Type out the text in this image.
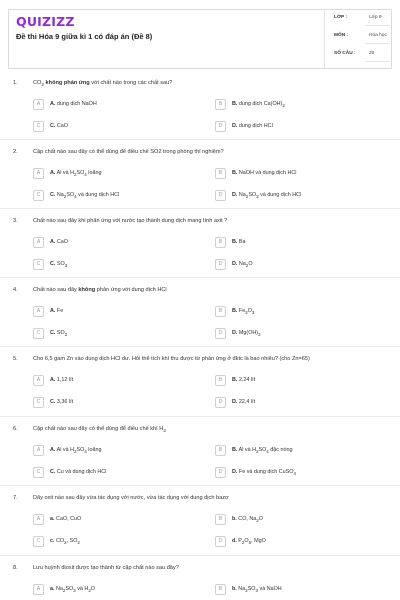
QUIZIZZ
Đề thi Hóa 9 giữa kì 1 có đáp án (Đề 8)
LỚP :	Lớp 9
MÔN :	Hóa học
SỐ CÂU :	20
1.	$CO_2$ không phản ứng với chất nào trong các chất sau?
A	A. dung dịch NaOH	B	B. dung dịch $Ca(OH)_2$
C	C. CaO	D	D. dung dịch HCl
2.	Cặp chất nào sau đây có thể dùng để điều chế SO2 trong phòng thí nghiệm?
A	A. Al và $H_2SO_4$ loãng	B	B. NaOH và dung dịch HCl
C	C. $Na_2SO_4$ và dung dịch HCl	D	D. $Na_2SO_3$ và dung dịch HCl
3.	Chất nào sau đây khi phản ứng với nước tạo thành dung dịch mang tính axit ?
A	A. CaO	B	B. Ba
C	C. $SO_3$	D	D. $Na_2O$
4.	Chất nào sau đây không phản ứng với dung dịch HCl
A	A. Fe	B	B. $Fe_2O_3$
C	C. $SO_2$	D	D. $Mg(OH)_2$
5.	Cho 6,5 gam Zn vào dung dịch HCl dư. Hỏi thể tích khí thu được từ phản ứng ở đktc là bao nhiêu? (cho Zn=65)
A	A. 1,12 lít	B	B. 2,24 lít
C	C. 3,36 lít	D	D. 22,4 lít
6.	Cặp chất nào sau đây có thể dùng để điều chế khí $H_2$
A	A. Al và $H_2SO_4$ loãng	B	B. Al và $H_2SO_4$ đặc nóng
C	C. Cu và dung dịch HCl	D	D. Fe và dung dịch CuSO$_4$
7.	Dãy oxit nào sau đây vừa tác dụng với nước, vừa tác dụng với dung dịch bazơ
A	a. CaO, CuO	B	b. CO, $Na_2O$
C	c. $CO_2$, $SO_2$	D	d. $P_2O_5$, MgO
8.	Lưu huỳnh đioxit được tạo thành từ cặp chất nào sau đây?
A	a. $Na_2SO_3$ và $H_2O$	B	b. $Na_2SO_3$ và NaOH
